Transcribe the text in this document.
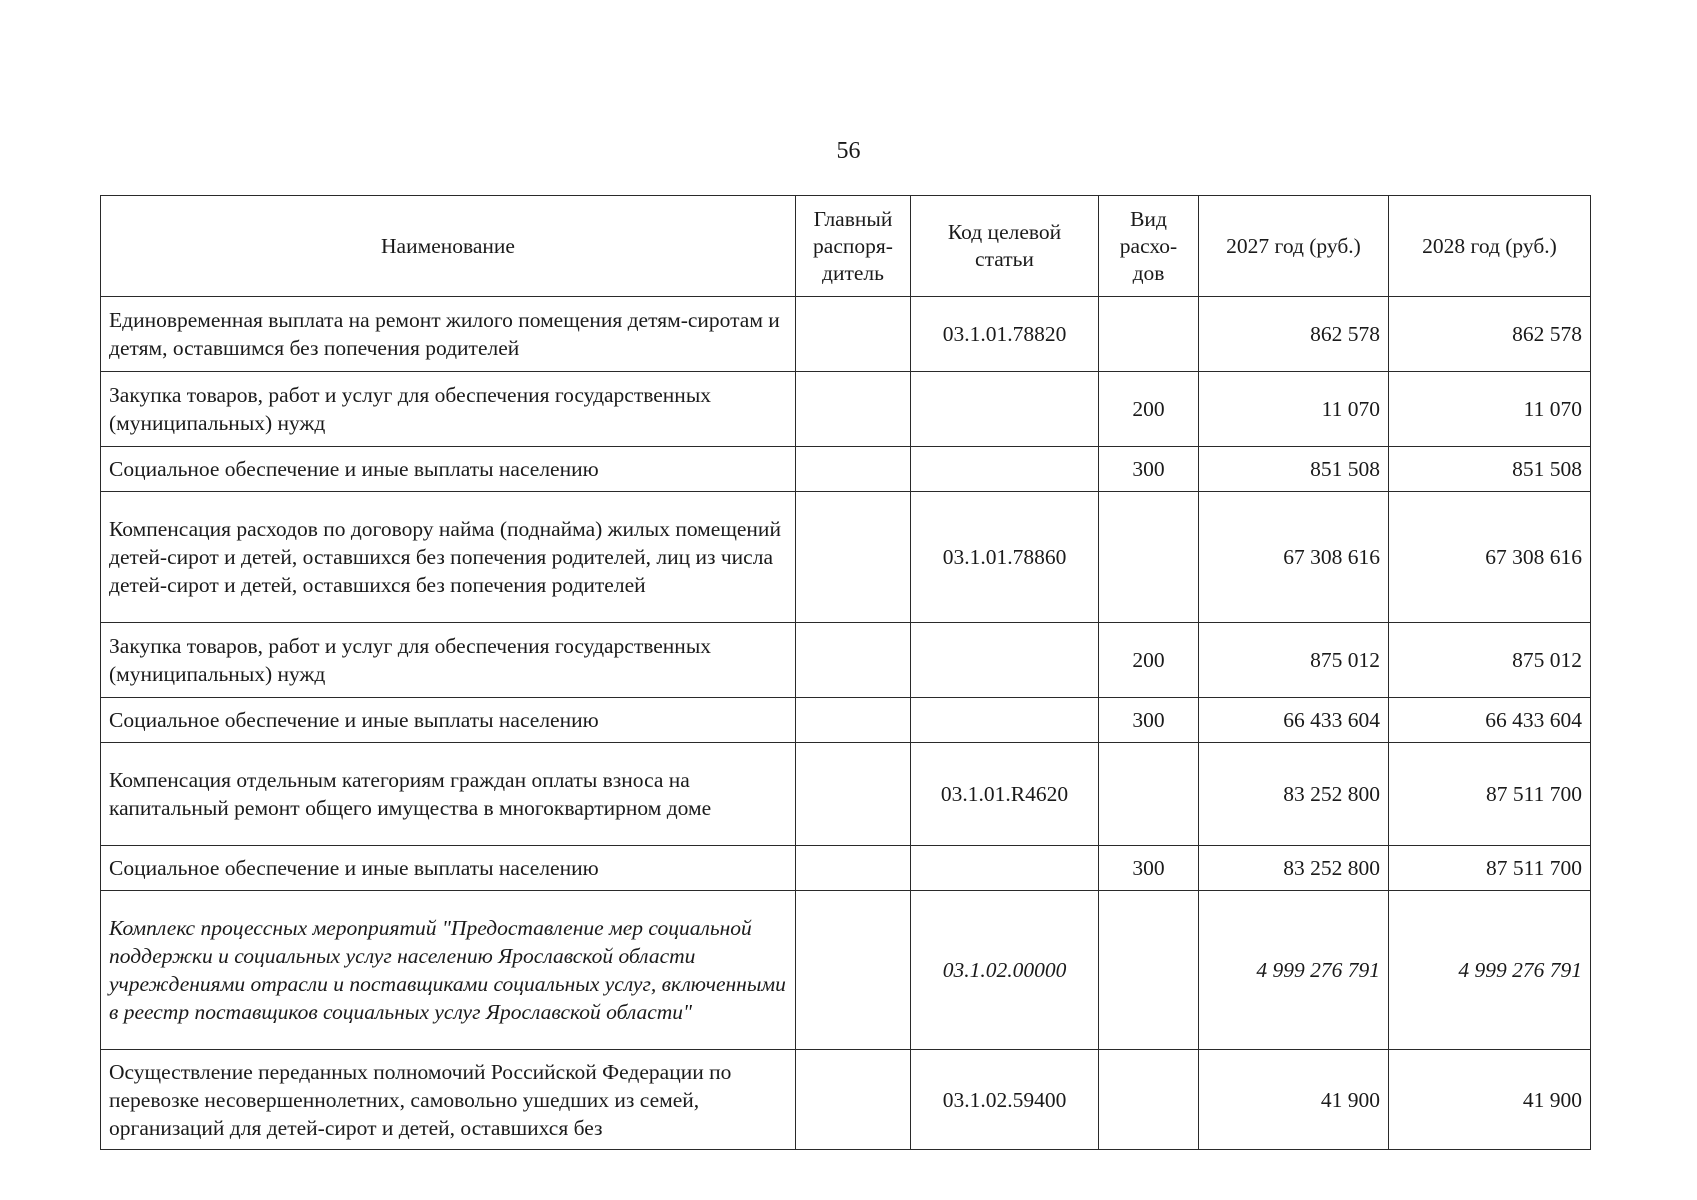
56
Наименование	Главный распоря-дитель	Код целевой статьи	Вид расхо-дов	2027 год (руб.)	2028 год (руб.)
Единовременная выплата на ремонт жилого помещения детям-сиротам и детям, оставшимся без попечения родителей		03.1.01.78820		862 578	862 578
Закупка товаров, работ и услуг для обеспечения государственных (муниципальных) нужд			200	11 070	11 070
Социальное обеспечение и иные выплаты населению			300	851 508	851 508
Компенсация расходов по договору найма (поднайма) жилых помещений детей-сирот и детей, оставшихся без попечения родителей, лиц из числа детей-сирот и детей, оставшихся без попечения родителей		03.1.01.78860		67 308 616	67 308 616
Закупка товаров, работ и услуг для обеспечения государственных (муниципальных) нужд			200	875 012	875 012
Социальное обеспечение и иные выплаты населению			300	66 433 604	66 433 604
Компенсация отдельным категориям граждан оплаты взноса на капитальный ремонт общего имущества в многоквартирном доме		03.1.01.R4620		83 252 800	87 511 700
Социальное обеспечение и иные выплаты населению			300	83 252 800	87 511 700
Комплекс процессных мероприятий "Предоставление мер социальной поддержки и социальных услуг населению Ярославской области учреждениями отрасли и поставщиками социальных услуг, включенными в реестр поставщиков социальных услуг Ярославской области"		03.1.02.00000		4 999 276 791	4 999 276 791
Осуществление переданных полномочий Российской Федерации по перевозке несовершеннолетних, самовольно ушедших из семей, организаций для детей-сирот и детей, оставшихся без		03.1.02.59400		41 900	41 900
